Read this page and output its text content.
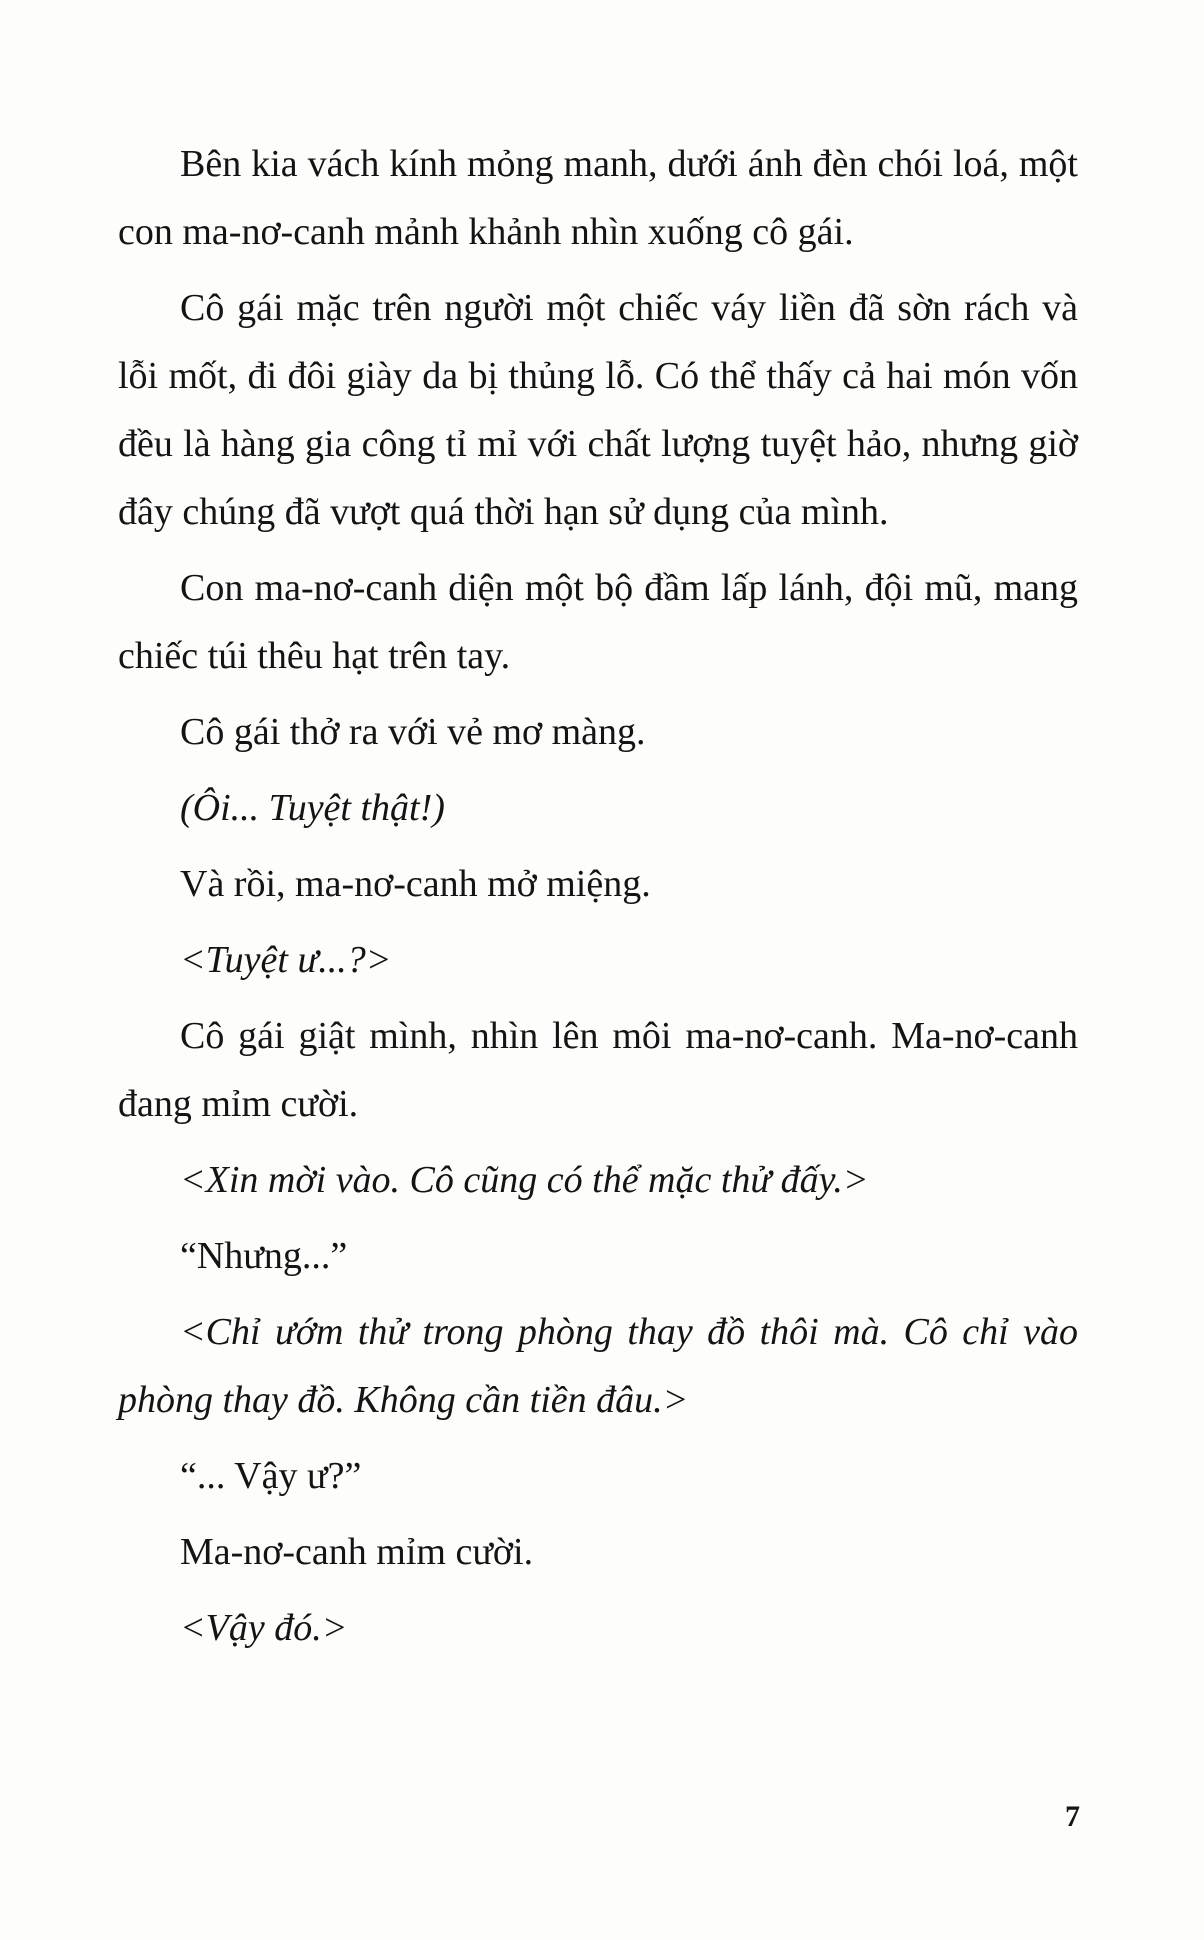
Bên kia vách kính mỏng manh, dưới ánh đèn chói loá, một con ma-nơ-canh mảnh khảnh nhìn xuống cô gái.

Cô gái mặc trên người một chiếc váy liền đã sờn rách và lỗi mốt, đi đôi giày da bị thủng lỗ. Có thể thấy cả hai món vốn đều là hàng gia công tỉ mỉ với chất lượng tuyệt hảo, nhưng giờ đây chúng đã vượt quá thời hạn sử dụng của mình.

Con ma-nơ-canh diện một bộ đầm lấp lánh, đội mũ, mang chiếc túi thêu hạt trên tay.

Cô gái thở ra với vẻ mơ màng.

(Ôi... Tuyệt thật!)

Và rồi, ma-nơ-canh mở miệng.

<Tuyệt ư...?>

Cô gái giật mình, nhìn lên môi ma-nơ-canh. Ma-nơ-canh đang mỉm cười.

<Xin mời vào. Cô cũng có thể mặc thử đấy.>

“Nhưng...”

<Chỉ ướm thử trong phòng thay đồ thôi mà. Cô chỉ vào phòng thay đồ. Không cần tiền đâu.>

“... Vậy ư?”

Ma-nơ-canh mỉm cười.

<Vậy đó.>

7
